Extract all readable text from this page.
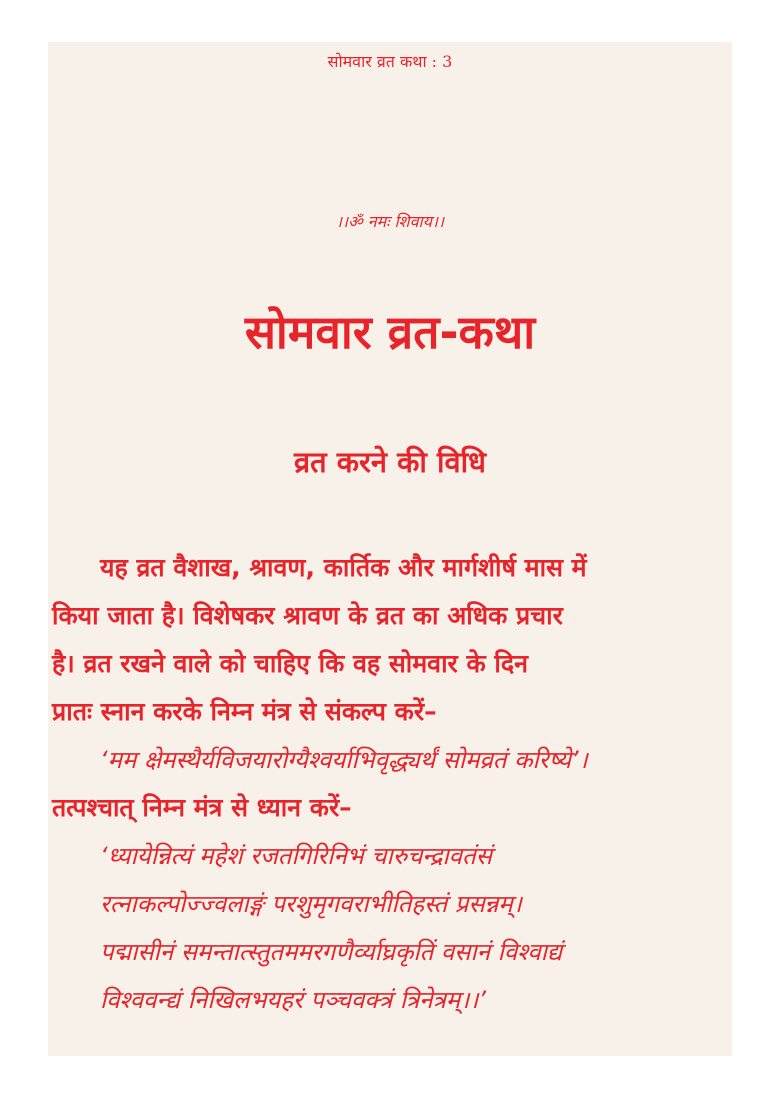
सोमवार व्रत कथा : 3
।।ॐ नमः शिवाय।।
सोमवार व्रत-कथा
व्रत करने की विधि
यह व्रत वैशाख, श्रावण, कार्तिक और मार्गशीर्ष मास में
किया जाता है। विशेषकर श्रावण के व्रत का अधिक प्रचार
है। व्रत रखने वाले को चाहिए कि वह सोमवार के दिन
प्रातः स्नान करके निम्न मंत्र से संकल्प करें–
‘मम क्षेमस्थैर्यविजयारोग्यैश्वर्याभिवृद्ध्यर्थं सोमव्रतं करिष्ये’।
तत्पश्चात् निम्न मंत्र से ध्यान करें–
‘ध्यायेन्नित्यं महेशं रजतगिरिनिभं चारुचन्द्रावतंसं
रत्नाकल्पोज्ज्वलाङ्गं परशुमृगवराभीतिहस्तं प्रसन्नम्।
पद्मासीनं समन्तात्स्तुतममरगणैर्व्याघ्रकृतिं वसानं विश्वाद्यं
विश्ववन्द्यं निखिलभयहरं पञ्चवक्त्रं त्रिनेत्रम्।।’
